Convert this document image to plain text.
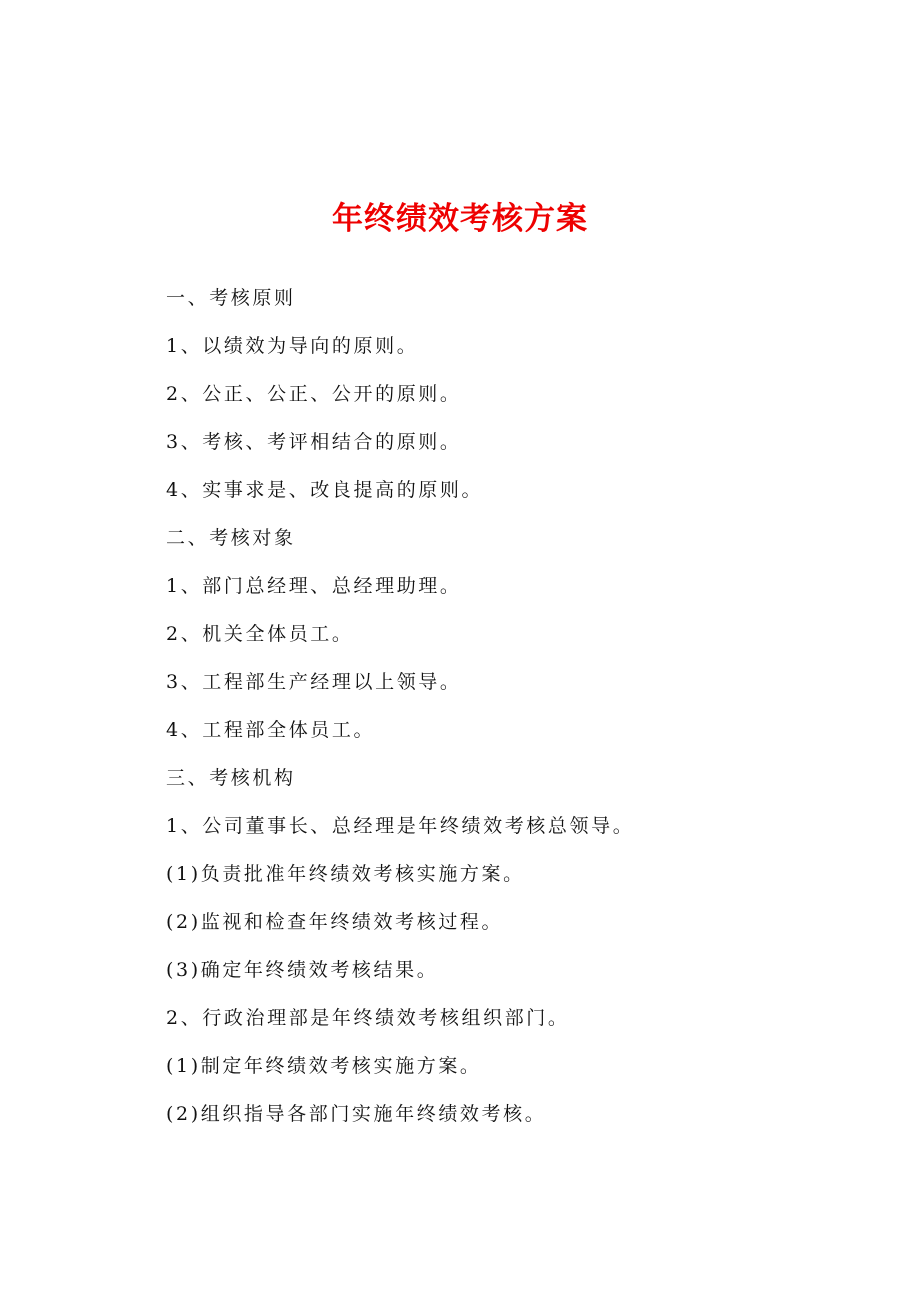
年终绩效考核方案
一、考核原则
1、以绩效为导向的原则。
2、公正、公正、公开的原则。
3、考核、考评相结合的原则。
4、实事求是、改良提高的原则。
二、考核对象
1、部门总经理、总经理助理。
2、机关全体员工。
3、工程部生产经理以上领导。
4、工程部全体员工。
三、考核机构
1、公司董事长、总经理是年终绩效考核总领导。
(1)负责批准年终绩效考核实施方案。
(2)监视和检查年终绩效考核过程。
(3)确定年终绩效考核结果。
2、行政治理部是年终绩效考核组织部门。
(1)制定年终绩效考核实施方案。
(2)组织指导各部门实施年终绩效考核。
